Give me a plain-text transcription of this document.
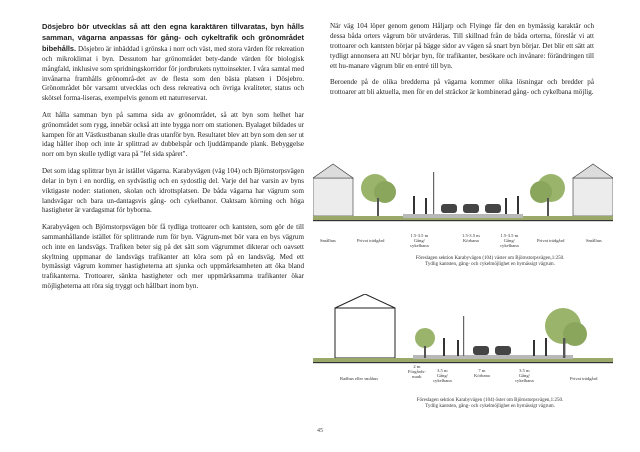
Dösjebro bör utvecklas så att den egna karaktären tillvaratas, byn hålls samman, vägarna anpassas för gång- och cykeltrafik och grönområdet bibehålls. Dösjebro är inbäddad i grönska i norr och väst, med stora värden för rekreation och mikroklimat i byn. Dessutom har grönområdet bety-dande värden för biologisk mångfald, inklusive som spridningskorridor för jordbrukets nyttoinsekter. I våra samtal med invånarna framhålls grönområ-det av de flesta som den bästa platsen i Dösjebro. Grönområdet bör varsamt utvecklas och dess rekreativa och övriga kvaliteter, status och skötsel forma-liseras, exempelvis genom ett naturreservat.

Att hålla samman byn på samma sida av grönområdet, så att byn som helhet har grönområdet som rygg, innebär också att inte bygga norr om stationen. Byalaget bildades ur kampen för att Västkustbanan skulle dras utanför byn. Resultatet blev att byn som den ser ut idag håller ihop och inte är splittrad av dubbelspår och ljuddämpande plank. Bebyggelse norr om byn skulle tydligt vara på "fel sida spåret".

Det som idag splittrar byn är istället vägarna. Karabyvägen (väg 104) och Björnstorpsvägen delar in byn i en nordlig, en sydvästlig och en sydostlig del. Varje del har varsin av byns viktigaste noder: stationen, skolan och idrottsplatsen. De båda vägarna har vägrum som landsvägar och bara un-dantagsvis gång- och cykelbanor. Oaktsam körning och höga hastigheter är vardagsmat för byborna.

Karabyvägen och Björnstorpsvägen bör få tydliga trottoarer och kantsten, som gör de till sammanhållande istället för splittrande rum för byn. Vägrum-met bör vara en bys vägrum och inte en landsvägs. Trafiken beter sig på det sätt som vägrummet dikterar och oavsett skyltning uppmanar de landsvägs trafikanter att köra som på en landsväg. Med ett bymässigt vägrum kommer hastigheterna att sjunka och uppmärksamheten att öka bland trafikanterna. Trottoarer, sänkta hastigheter och mer uppmärksamma trafikanter ökar möjligheterna att röra sig tryggt och hållbart inom byn.

När väg 104 löper genom genom Håljarp och Flyinge får den en bymässig karaktär och dessa båda orters vägrum bör utvärderas. Till skillnad från de båda orterna, föreslår vi att trottoarer och kantsten börjar på bägge sidor av vägen så snart byn börjar. Det blir ett sätt att tydligt annonsera att NU börjar byn, för trafikanter, besökare och invånare: förändringen till ett hu-manare vägrum blir en entré till byn.

Beroende på de olika bredderna på vägarna kommer olika lösningar och bredder på trottoarer att bli aktuella, men för en del sträckor är kombinerad gång- och cykelbana möjlig.

Smålhus	Privat trädgård
1.5-3.5 m
Gång/
cykelbana
1.5-3.5 m
Körbana
1.5-3.5 m
Gång/
cykelbana
Privat trädgård	Smålhus
Föreslagen sektion Karabyvägen (104) väster om Björnstorpsvägen,1:250.
Tydlig kantsten, gång- och cykelmöjlighet en bymässigt vägrum.
Radhus eller småhus
2 m
Förgårds-
mark
3.5 m
Gång/
cykelbana
7 m
Körbana
3.5 m
Gång/
cykelbana	Privat trädgård
Föreslagen sektion Karabyvägen (104) öster om Björnstorpsvägen,1:250.
Tydlig kantsten, gång- och cykelmöjlighet en bymässigt vägrum.
45
